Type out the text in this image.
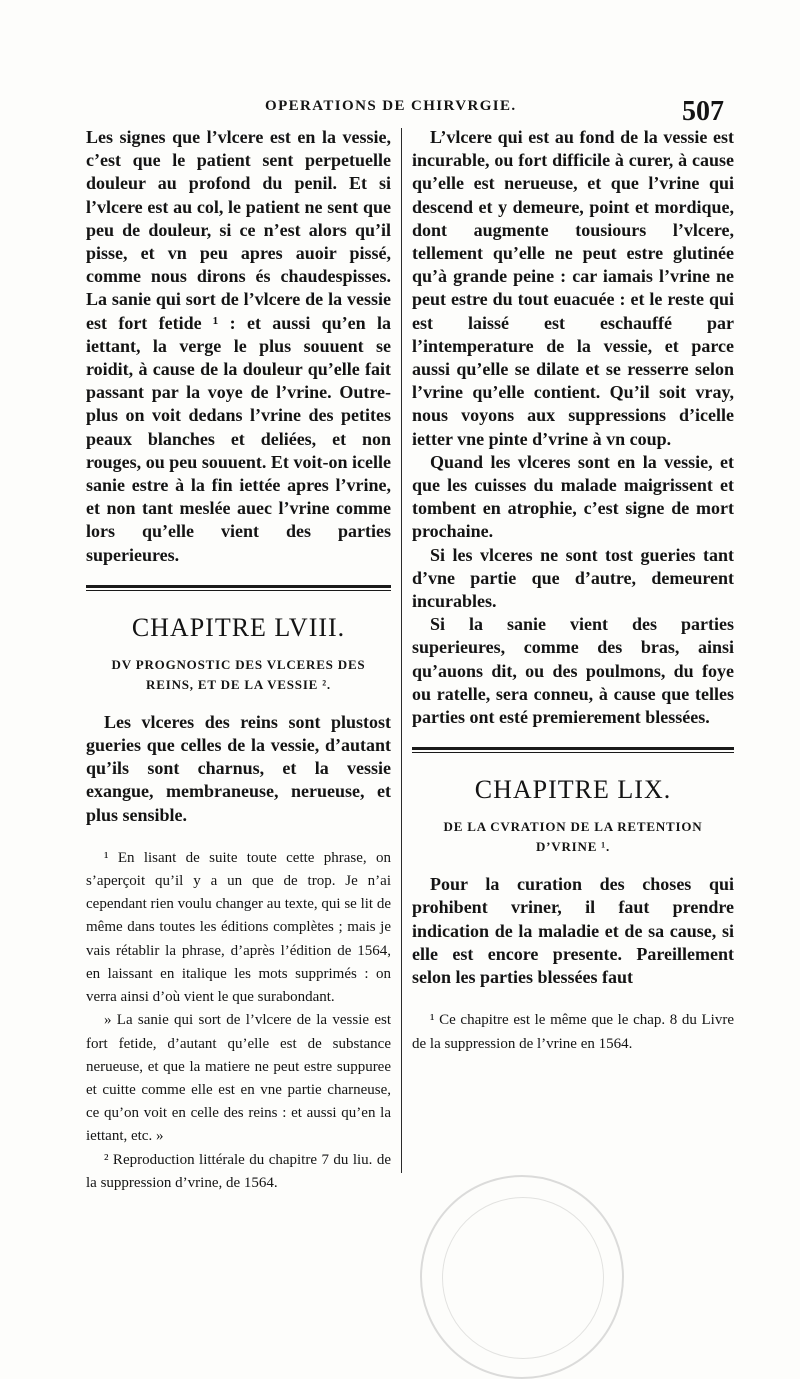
OPERATIONS DE CHIRVRGIE.	507

Les signes que l’vlcere est en la vessie, c’est que le patient sent perpetuelle douleur au profond du penil. Et si l’vlcere est au col, le patient ne sent que peu de douleur, si ce n’est alors qu’il pisse, et vn peu apres auoir pissé, comme nous dirons és chaudespisses. La sanie qui sort de l’vlcere de la vessie est fort fetide ¹ : et aussi qu’en la iettant, la verge le plus souuent se roidit, à cause de la douleur qu’elle fait passant par la voye de l’vrine. Outre-plus on voit dedans l’vrine des petites peaux blanches et deliées, et non rouges, ou peu souuent. Et voit-on icelle sanie estre à la fin iettée apres l’vrine, et non tant meslée auec l’vrine comme lors qu’elle vient des parties superieures.

CHAPITRE LVIII.
DV PROGNOSTIC DES VLCERES DES REINS, ET DE LA VESSIE ².

Les vlceres des reins sont plustost gueries que celles de la vessie, d’autant qu’ils sont charnus, et la vessie exangue, membraneuse, nerueuse, et plus sensible.

¹ En lisant de suite toute cette phrase, on s’aperçoit qu’il y a un que de trop. Je n’ai cependant rien voulu changer au texte, qui se lit de même dans toutes les éditions complètes ; mais je vais rétablir la phrase, d’après l’édition de 1564, en laissant en italique les mots supprimés : on verra ainsi d’où vient le que surabondant.

» La sanie qui sort de l’vlcere de la vessie est fort fetide, d’autant qu’elle est de substance nerueuse, et que la matiere ne peut estre suppuree et cuitte comme elle est en vne partie charneuse, ce qu’on voit en celle des reins : et aussi qu’en la iettant, etc. »

² Reproduction littérale du chapitre 7 du liu. de la suppression d’vrine, de 1564.

L’vlcere qui est au fond de la vessie est incurable, ou fort difficile à curer, à cause qu’elle est nerueuse, et que l’vrine qui descend et y demeure, point et mordique, dont augmente tousiours l’vlcere, tellement qu’elle ne peut estre glutinée qu’à grande peine : car iamais l’vrine ne peut estre du tout euacuée : et le reste qui est laissé est eschauffé par l’intemperature de la vessie, et parce aussi qu’elle se dilate et se resserre selon l’vrine qu’elle contient. Qu’il soit vray, nous voyons aux suppressions d’icelle ietter vne pinte d’vrine à vn coup.

Quand les vlceres sont en la vessie, et que les cuisses du malade maigrissent et tombent en atrophie, c’est signe de mort prochaine.

Si les vlceres ne sont tost gueries tant d’vne partie que d’autre, demeurent incurables.

Si la sanie vient des parties superieures, comme des bras, ainsi qu’auons dit, ou des poulmons, du foye ou ratelle, sera conneu, à cause que telles parties ont esté premierement blessées.

CHAPITRE LIX.
DE LA CVRATION DE LA RETENTION D’VRINE ¹.

Pour la curation des choses qui prohibent vriner, il faut prendre indication de la maladie et de sa cause, si elle est encore presente. Pareillement selon les parties blessées faut

¹ Ce chapitre est le même que le chap. 8 du Livre de la suppression de l’vrine en 1564.
